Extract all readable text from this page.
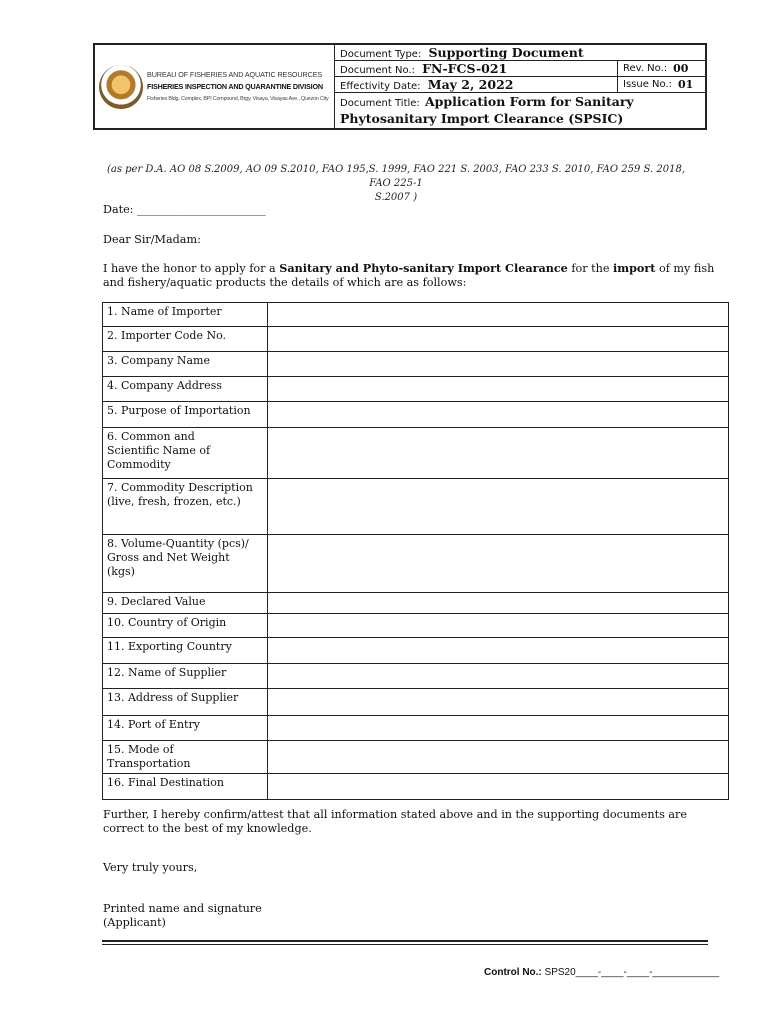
BUREAU OF FISHERIES AND AQUATIC RESOURCES
FISHERIES INSPECTION AND QUARANTINE DIVISION
Fisheries Bldg. Complex, BPI Compound, Brgy. Visaya, Visayas Ave., Quezon City
Document Type: Supporting Document
Document No.: FN-FCS-021	Rev. No.: 00
Effectivity Date: May 2, 2022	Issue No.: 01
Document Title: Application Form for Sanitary
Phytosanitary Import Clearance (SPSIC)
(as per D.A. AO 08 S.2009, AO 09 S.2010, FAO 195,S. 1999, FAO 221 S. 2003, FAO 233 S. 2010, FAO 259 S. 2018, FAO 225-1
S.2007 )
Date: _______________________
Dear Sir/Madam:
I have the honor to apply for a Sanitary and Phyto-sanitary Import Clearance for the import of my fish
and fishery/aquatic products the details of which are as follows:
1. Name of Importer	
2. Importer Code No.	
3. Company Name	
4. Company Address	
5. Purpose of Importation	
6. Common and
Scientific Name of
Commodity	
7. Commodity Description
(live, fresh, frozen, etc.)	
8. Volume-Quantity (pcs)/
Gross and Net Weight
(kgs)	
9. Declared Value	
10. Country of Origin	
11. Exporting Country	
12. Name of Supplier	
13. Address of Supplier	
14. Port of Entry	
15. Mode of
Transportation	
16. Final Destination	
Further, I hereby confirm/attest that all information stated above and in the supporting documents are
correct to the best of my knowledge.
Very truly yours,
Printed name and signature
(Applicant)
Control No.: SPS20____-____-____-____________
